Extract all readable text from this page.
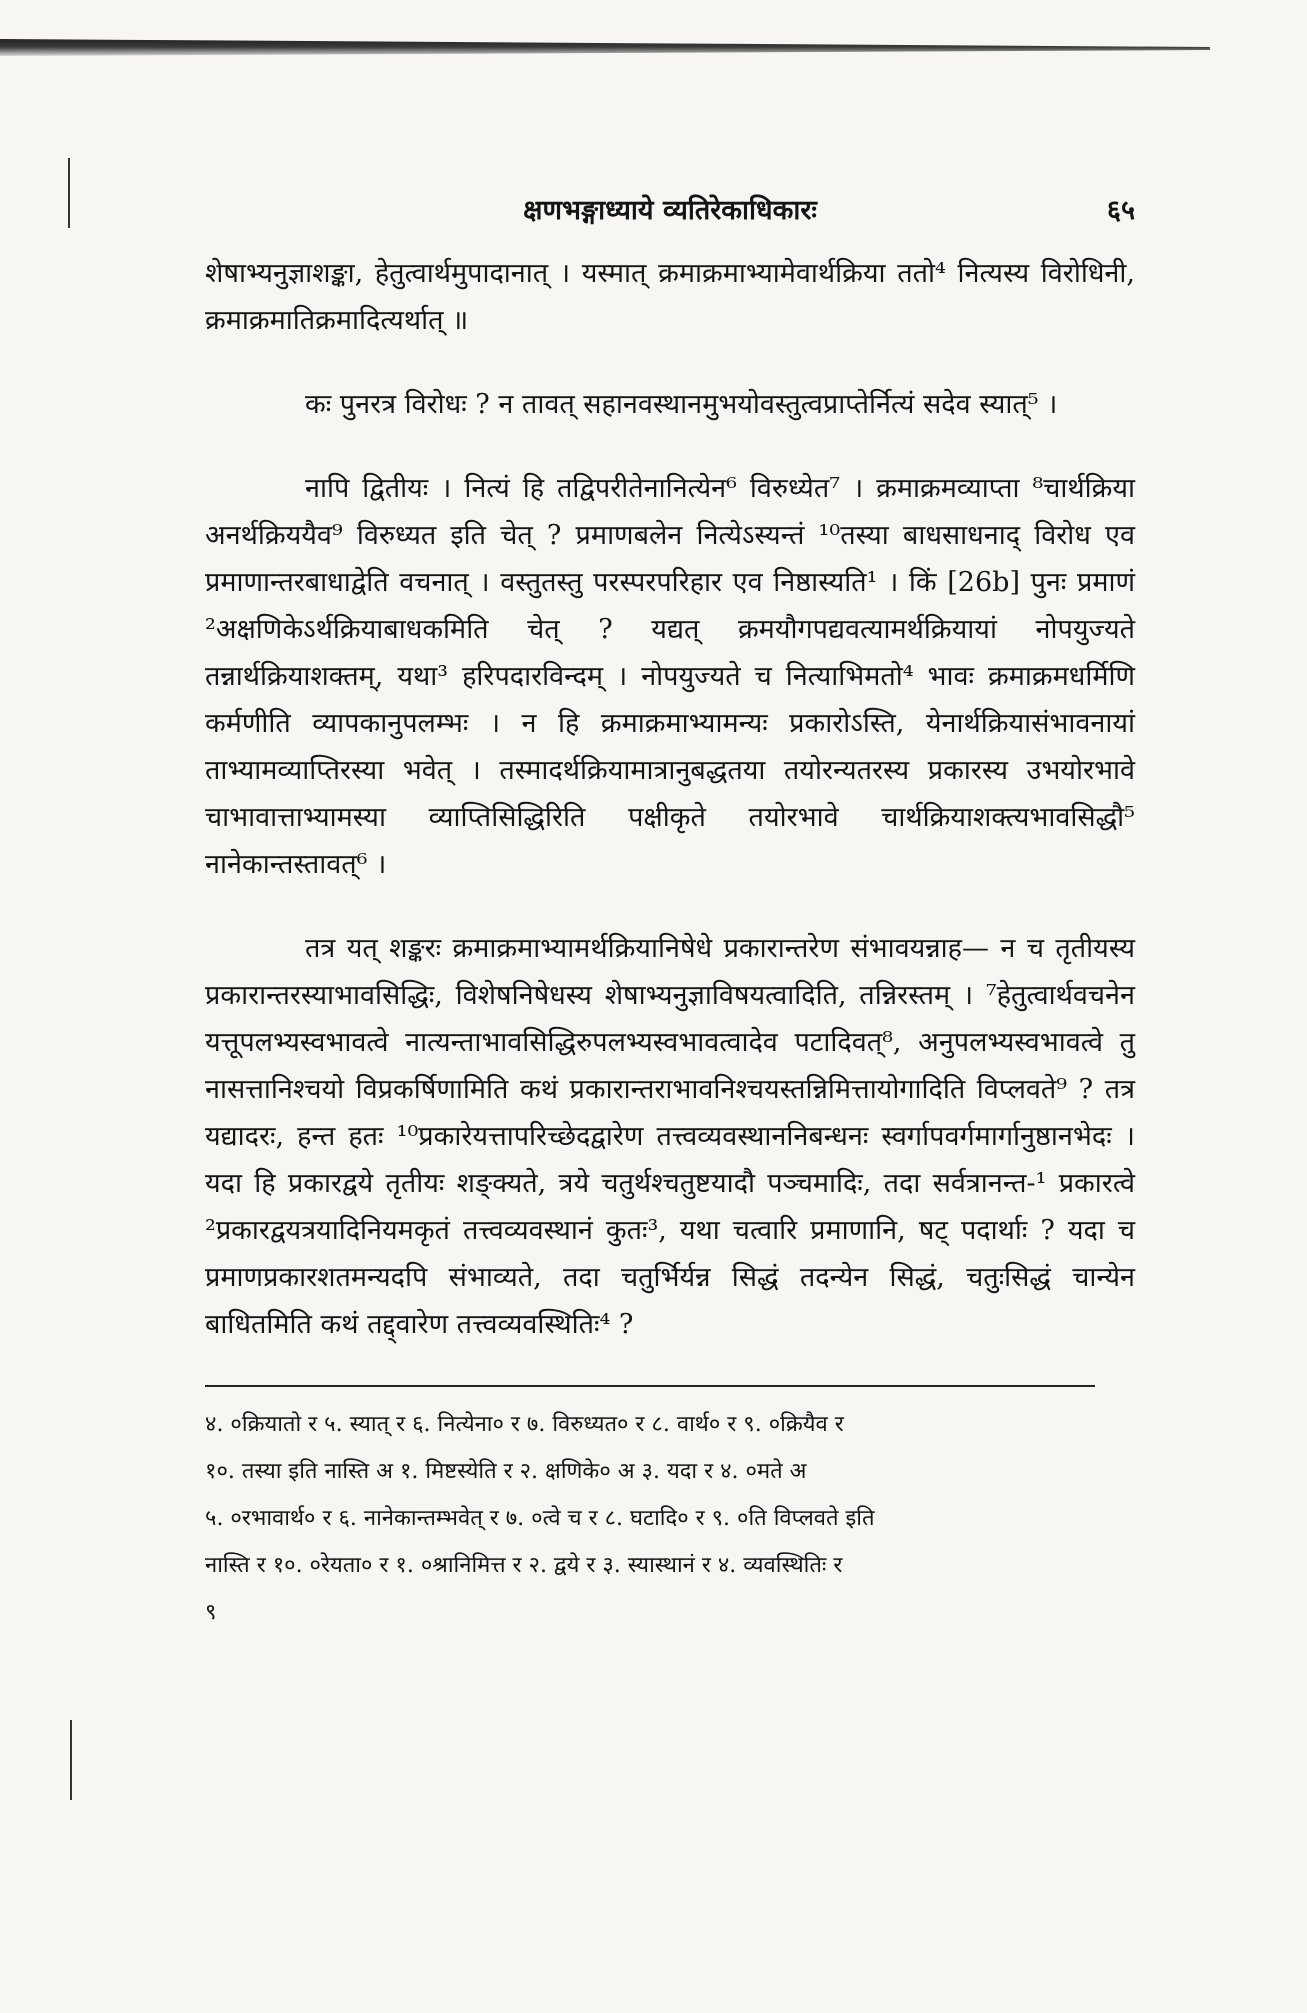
क्षणभङ्गाध्याये व्यतिरेकाधिकारः	६५

शेषाभ्यनुज्ञाशङ्का, हेतुत्वार्थमुपादानात् । यस्मात् क्रमाक्रमाभ्यामेवार्थक्रिया ततो⁴ नित्यस्य विरोधिनी, क्रमाक्रमातिक्रमादित्यर्थात् ॥

कः पुनरत्र विरोधः ? न तावत् सहानवस्थानमुभयोवस्तुत्वप्राप्तेर्नित्यं सदेव स्यात्⁵ ।

नापि द्वितीयः । नित्यं हि तद्विपरीतेनानित्येन⁶ विरुध्येत⁷ । क्रमाक्रमव्याप्ता ⁸चार्थक्रिया अनर्थक्रिययैव⁹ विरुध्यत इति चेत् ? प्रमाणबलेन नित्येऽस्यन्तं ¹⁰तस्या बाधसाधनाद् विरोध एव प्रमाणान्तरबाधाद्वेति वचनात् । वस्तुतस्तु परस्परपरिहार एव निष्ठास्यति¹ । किं [26b] पुनः प्रमाणं ²अक्षणिकेऽर्थक्रियाबाधकमिति चेत् ? यद्यत् क्रमयौगपद्यवत्यामर्थक्रियायां नोपयुज्यते तन्नार्थक्रियाशक्तम्, यथा³ हरिपदारविन्दम् । नोपयुज्यते च नित्याभिमतो⁴ भावः क्रमाक्रमधर्मिणि कर्मणीति व्यापकानुपलम्भः । न हि क्रमाक्रमाभ्यामन्यः प्रकारोऽस्ति, येनार्थक्रियासंभावनायां ताभ्यामव्याप्तिरस्या भवेत् । तस्मादर्थक्रियामात्रानुबद्धतया तयोरन्यतरस्य प्रकारस्य उभयोरभावे चाभावात्ताभ्यामस्या व्याप्तिसिद्धिरिति पक्षीकृते तयोरभावे चार्थक्रियाशक्त्यभावसिद्धौ⁵ नानेकान्तस्तावत्⁶ ।

तत्र यत् शङ्करः क्रमाक्रमाभ्यामर्थक्रियानिषेधे प्रकारान्तरेण संभावयन्नाह— न च तृतीयस्य प्रकारान्तरस्याभावसिद्धिः, विशेषनिषेधस्य शेषाभ्यनुज्ञाविषयत्वादिति, तन्निरस्तम् । ⁷हेतुत्वार्थवचनेन यत्तूपलभ्यस्वभावत्वे नात्यन्ताभावसिद्धिरुपलभ्यस्वभावत्वादेव पटादिवत्⁸, अनुपलभ्यस्वभावत्वे तु नासत्तानिश्चयो विप्रकर्षिणामिति कथं प्रकारान्तराभावनिश्चयस्तन्निमित्तायोगादिति विप्लवते⁹ ? तत्र यद्यादरः, हन्त हतः ¹⁰प्रकारेयत्तापरिच्छेदद्वारेण तत्त्वव्यवस्थाननिबन्धनः स्वर्गापवर्गमार्गानुष्ठानभेदः । यदा हि प्रकारद्वये तृतीयः शङ्क्यते, त्रये चतुर्थश्चतुष्टयादौ पञ्चमादिः, तदा सर्वत्रानन्त-¹ प्रकारत्वे ²प्रकारद्वयत्रयादिनियमकृतं तत्त्वव्यवस्थानं कुतः³, यथा चत्वारि प्रमाणानि, षट् पदार्थाः ? यदा च प्रमाणप्रकारशतमन्यदपि संभाव्यते, तदा चतुर्भिर्यन्न सिद्धं तदन्येन सिद्धं, चतुःसिद्धं चान्येन बाधितमिति कथं तद्द्वारेण तत्त्वव्यवस्थितिः⁴ ?

४. ०क्रियातो र ५. स्यात् र ६. नित्येना० र ७. विरुध्यत० र ८. वार्थ० र ९. ०क्रियैव र

१०. तस्या इति नास्ति अ १. मिष्टस्येति र २. क्षणिके० अ ३. यदा र ४. ०मते अ

५. ०रभावार्थ० र ६. नानेकान्तम्भवेत् र ७. ०त्वे च र ८. घटादि० र ९. ०ति विप्लवते इति

नास्ति र १०. ०रेयता० र १. ०श्रानिमित्त र २. द्वये र ३. स्यास्थानं र ४. व्यवस्थितिः र

९
